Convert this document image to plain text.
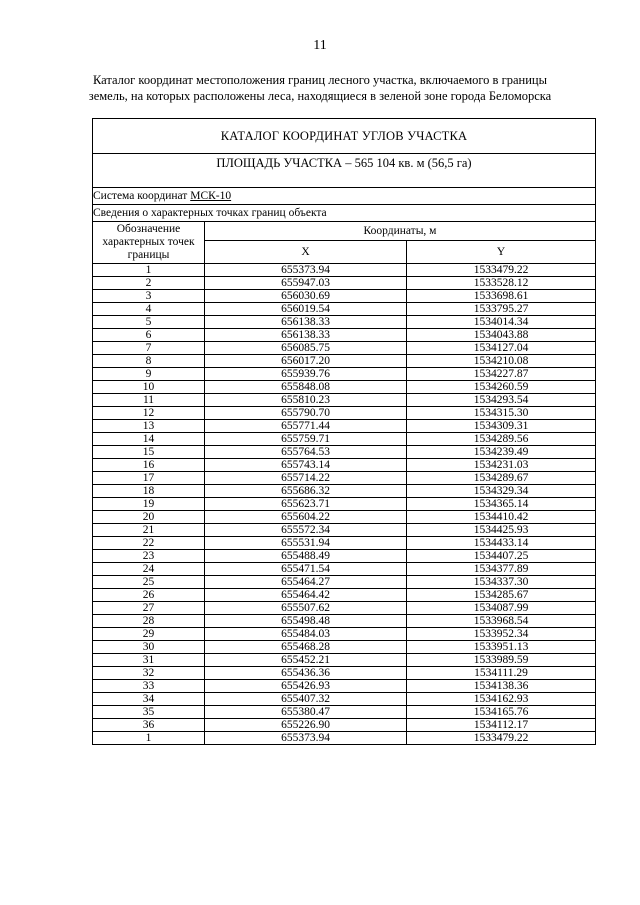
11
Каталог координат местоположения границ лесного участка, включаемого в границы земель, на которых расположены леса, находящиеся в зеленой зоне города Беломорска
КАТАЛОГ КООРДИНАТ УГЛОВ УЧАСТКА		
ПЛОЩАДЬ УЧАСТКА – 565 104 кв. м (56,5 га)		
Система координат МСК-10		
Сведения о характерных точках границ объекта		
Обозначение характерных точек границы	Координаты, м	
	X	Y
1	655373.94	1533479.22
2	655947.03	1533528.12
3	656030.69	1533698.61
4	656019.54	1533795.27
5	656138.33	1534014.34
6	656138.33	1534043.88
7	656085.75	1534127.04
8	656017.20	1534210.08
9	655939.76	1534227.87
10	655848.08	1534260.59
11	655810.23	1534293.54
12	655790.70	1534315.30
13	655771.44	1534309.31
14	655759.71	1534289.56
15	655764.53	1534239.49
16	655743.14	1534231.03
17	655714.22	1534289.67
18	655686.32	1534329.34
19	655623.71	1534365.14
20	655604.22	1534410.42
21	655572.34	1534425.93
22	655531.94	1534433.14
23	655488.49	1534407.25
24	655471.54	1534377.89
25	655464.27	1534337.30
26	655464.42	1534285.67
27	655507.62	1534087.99
28	655498.48	1533968.54
29	655484.03	1533952.34
30	655468.28	1533951.13
31	655452.21	1533989.59
32	655436.36	1534111.29
33	655426.93	1534138.36
34	655407.32	1534162.93
35	655380.47	1534165.76
36	655226.90	1534112.17
1	655373.94	1533479.22
